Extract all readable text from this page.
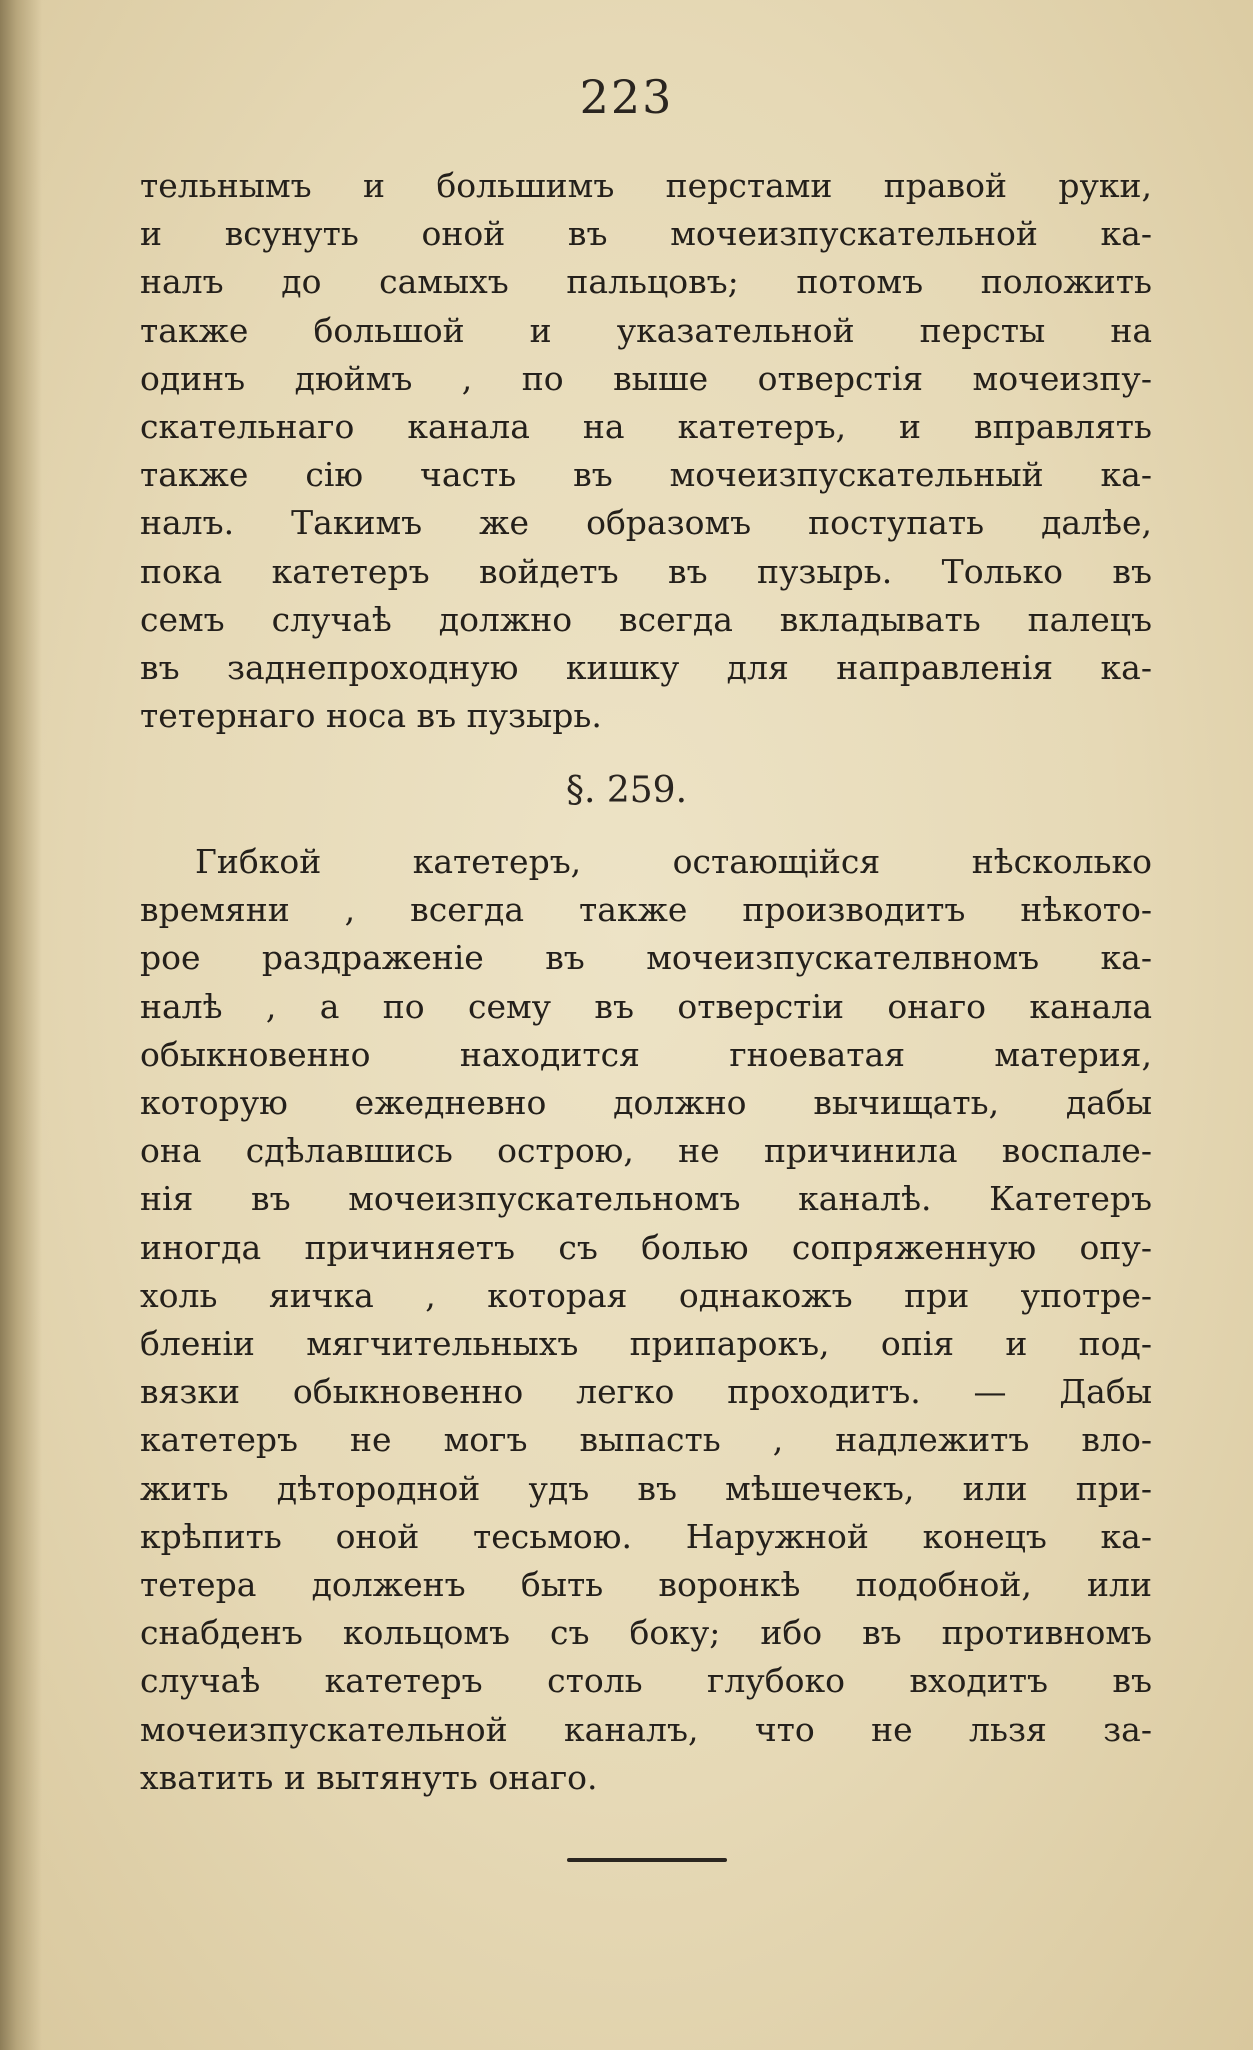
223
тельнымъ и большимъ перстами правой руки,
и всунуть оной въ мочеизпускательной ка-
налъ до самыхъ пальцовъ; потомъ положить
также большой и указательной персты на
одинъ дюймъ , по выше отверстія мочеизпу-
скательнаго канала на катетеръ, и вправлять
также сію часть въ мочеизпускательный ка-
налъ. Такимъ же образомъ поступать далѣе,
пока катетеръ войдетъ въ пузырь. Только въ
семъ случаѣ должно всегда вкладывать палецъ
въ заднепроходную кишку для направленія ка-
тетернаго носа въ пузырь.
§. 259.
Гибкой катетеръ, остающійся нѣсколько
времяни , всегда также производитъ нѣкото-
рое раздраженіе въ мочеизпускателвномъ ка-
налѣ , а по сему въ отверстіи онаго канала
обыкновенно находится гноеватая материя,
которую ежедневно должно вычищать, дабы
она сдѣлавшись острою, не причинила воспале-
нія въ мочеизпускательномъ каналѣ. Катетеръ
иногда причиняетъ съ болью сопряженную опу-
холь яичка , которая однакожъ при употре-
бленіи мягчительныхъ припарокъ, опія и под-
вязки обыкновенно легко проходитъ. — Дабы
катетеръ не могъ выпасть , надлежитъ вло-
жить дѣтородной удъ въ мѣшечекъ, или при-
крѣпить оной тесьмою. Наружной конецъ ка-
тетера долженъ быть воронкѣ подобной, или
снабденъ кольцомъ съ боку; ибо въ противномъ
случаѣ катетеръ столь глубоко входитъ въ
мочеизпускательной каналъ, что не льзя за-
хватить и вытянуть онаго.
